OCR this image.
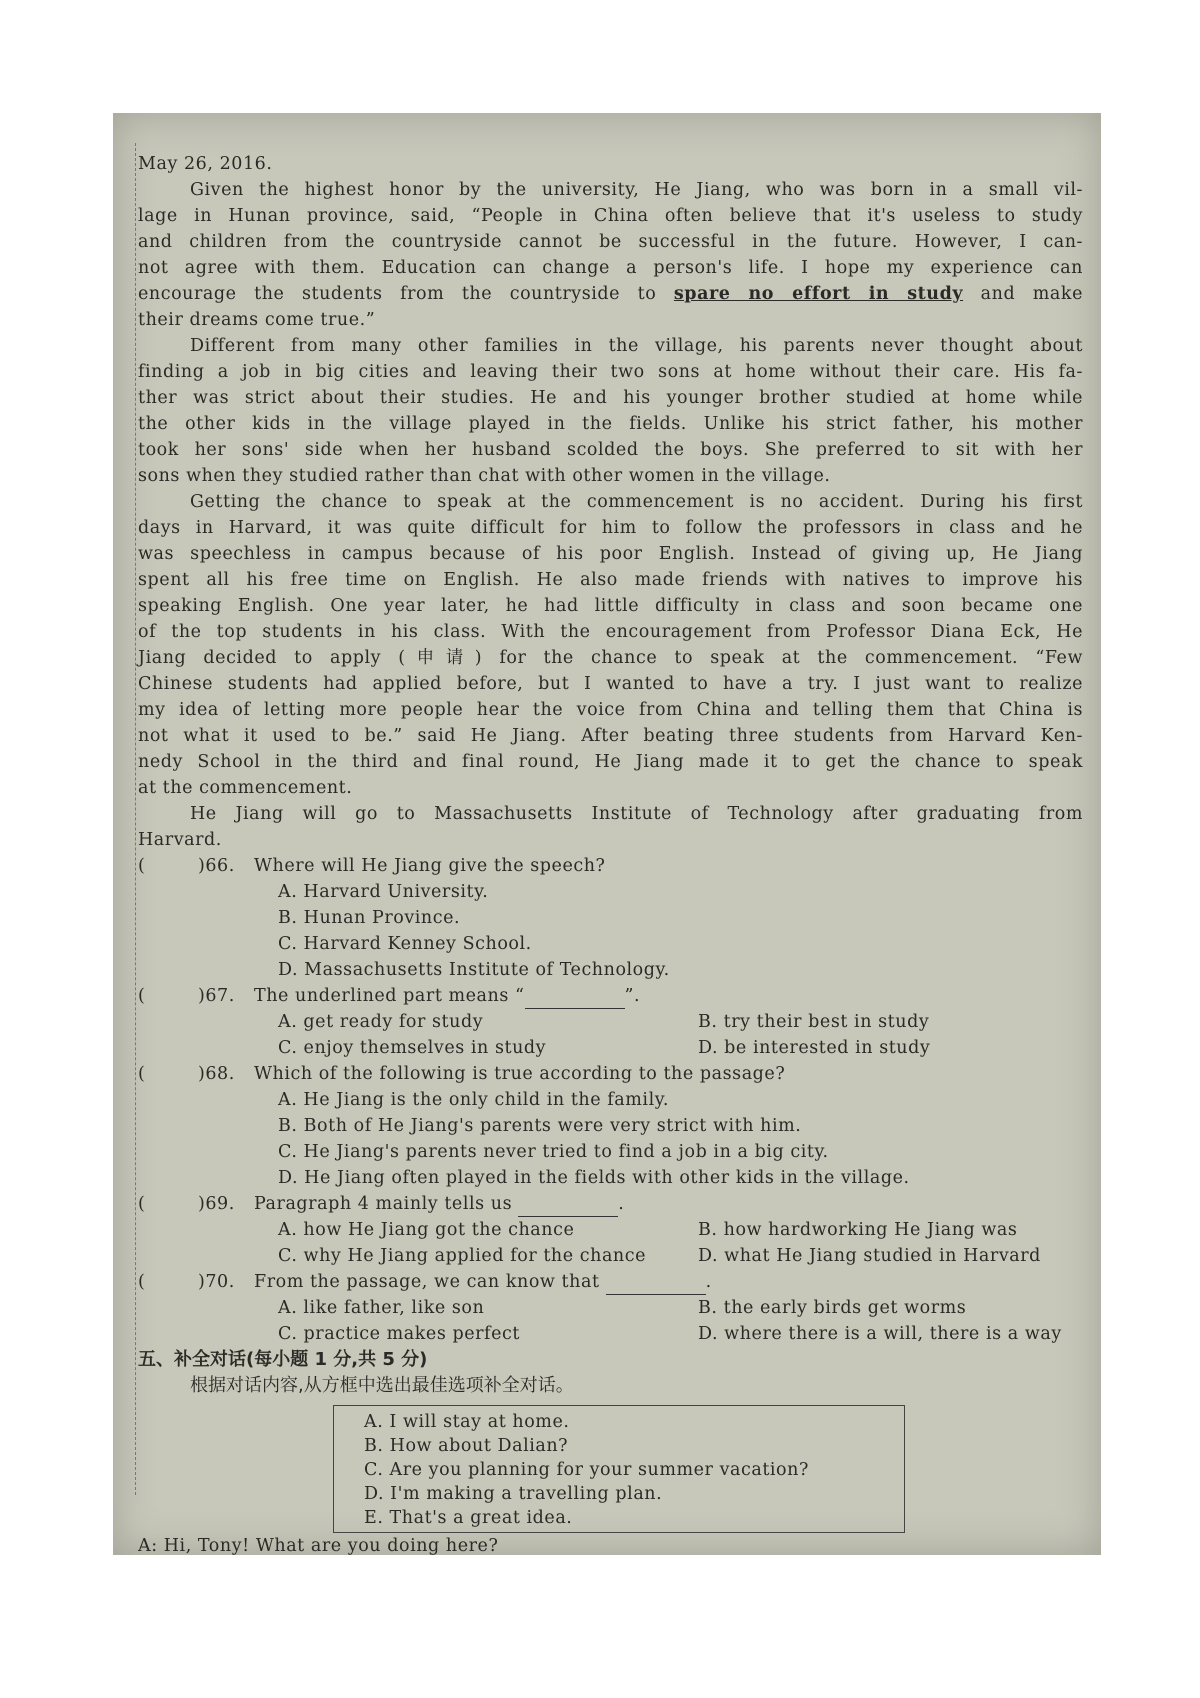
May 26, 2016.
Given the highest honor by the university, He Jiang, who was born in a small vil-
lage in Hunan province, said, “People in China often believe that it's useless to study
and children from the countryside cannot be successful in the future. However, I can-
not agree with them. Education can change a person's life. I hope my experience can
encourage the students from the countryside to spare no effort in study and make
their dreams come true.”
Different from many other families in the village, his parents never thought about
finding a job in big cities and leaving their two sons at home without their care. His fa-
ther was strict about their studies. He and his younger brother studied at home while
the other kids in the village played in the fields. Unlike his strict father, his mother
took her sons' side when her husband scolded the boys. She preferred to sit with her
sons when they studied rather than chat with other women in the village.
Getting the chance to speak at the commencement is no accident. During his first
days in Harvard, it was quite difficult for him to follow the professors in class and he
was speechless in campus because of his poor English. Instead of giving up, He Jiang
spent all his free time on English. He also made friends with natives to improve his
speaking English. One year later, he had little difficulty in class and soon became one
of the top students in his class. With the encouragement from Professor Diana Eck, He
Jiang decided to apply (申请) for the chance to speak at the commencement. “Few
Chinese students had applied before, but I wanted to have a try. I just want to realize
my idea of letting more people hear the voice from China and telling them that China is
not what it used to be.” said He Jiang. After beating three students from Harvard Ken-
nedy School in the third and final round, He Jiang made it to get the chance to speak
at the commencement.
He Jiang will go to Massachusetts Institute of Technology after graduating from
Harvard.
(	)66.	Where will He Jiang give the speech?
A. Harvard University.
B. Hunan Province.
C. Harvard Kenney School.
D. Massachusetts Institute of Technology.
(	)67.	The underlined part means “	”.
A. get ready for study	B. try their best in study
C. enjoy themselves in study	D. be interested in study
(	)68.	Which of the following is true according to the passage?
A. He Jiang is the only child in the family.
B. Both of He Jiang's parents were very strict with him.
C. He Jiang's parents never tried to find a job in a big city.
D. He Jiang often played in the fields with other kids in the village.
(	)69.	Paragraph 4 mainly tells us	.
A. how He Jiang got the chance	B. how hardworking He Jiang was
C. why He Jiang applied for the chance	D. what He Jiang studied in Harvard
(	)70.	From the passage, we can know that	.
A. like father, like son	B. the early birds get worms
C. practice makes perfect	D. where there is a will, there is a way
五、补全对话(每小题 1 分,共 5 分)
根据对话内容,从方框中选出最佳选项补全对话。
A. I will stay at home.
B. How about Dalian?
C. Are you planning for your summer vacation?
D. I'm making a travelling plan.
E. That's a great idea.
A: Hi, Tony! What are you doing here?
